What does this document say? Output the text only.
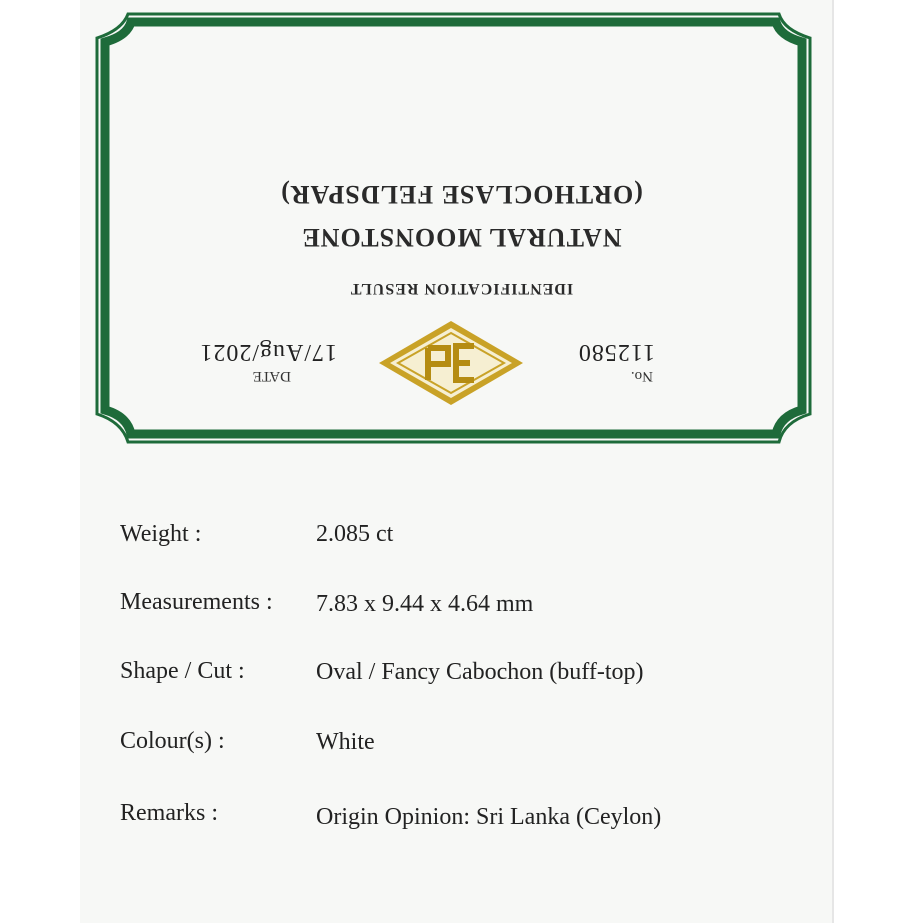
IDENTIFICATION RESULT
NATURAL MOONSTONE
(ORTHOCLASE FELDSPAR)
No.
112580
DATE
17/Aug/2021
Weight :	2.085 ct
Measurements : 7.83 x 9.44 x 4.64 mm
Shape / Cut :	Oval / Fancy Cabochon (buff-top)
Colour(s) :	White
Remarks :	Origin Opinion: Sri Lanka (Ceylon)
